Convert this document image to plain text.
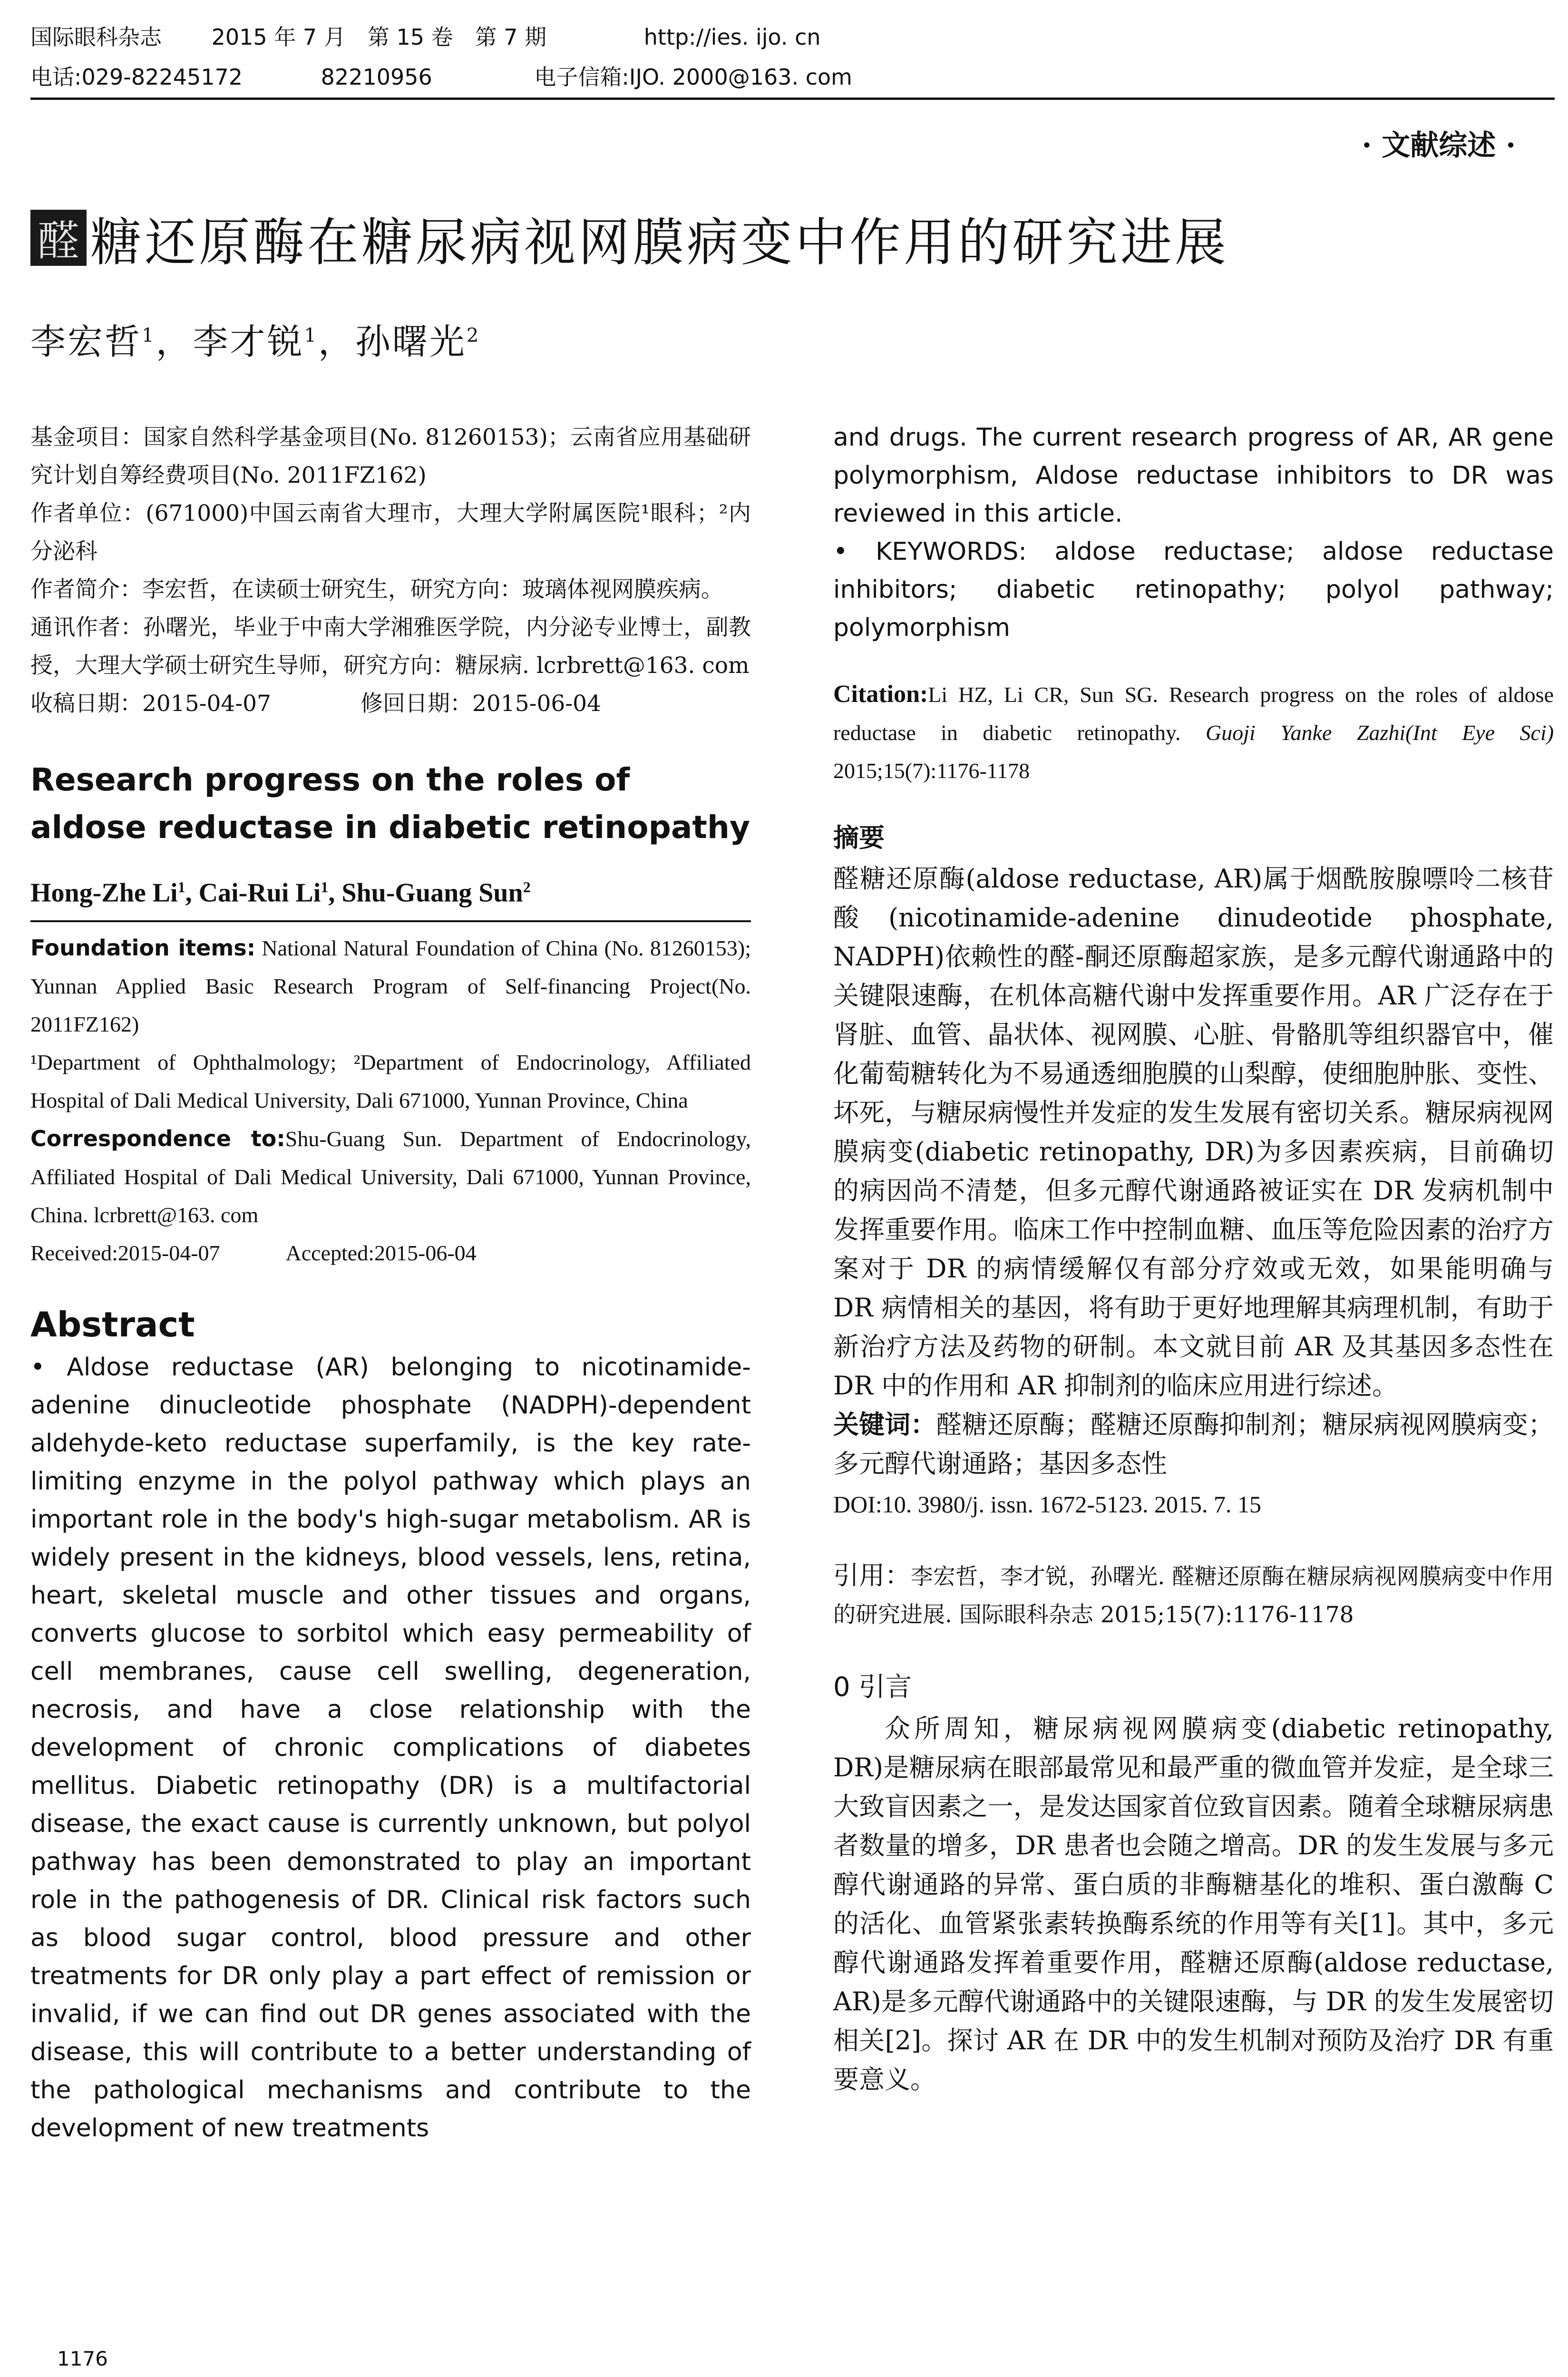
国际眼科杂志 2015 年 7 月　第 15 卷　第 7 期	http://ies. ijo. cn
电话:029-82245172	82210956	电子信箱:IJO. 2000@163. com
· 文献综述 ·
醛 糖还原酶在糖尿病视网膜病变中作用的研究进展
李宏哲$^1$，李才锐$^1$，孙曙光$^2$

基金项目：国家自然科学基金项目(No. 81260153)；云南省应用基础研究计划自筹经费项目(No. 2011FZ162)

作者单位：(671000)中国云南省大理市，大理大学附属医院¹眼科；²内分泌科

作者简介：李宏哲，在读硕士研究生，研究方向：玻璃体视网膜疾病。

通讯作者：孙曙光，毕业于中南大学湘雅医学院，内分泌专业博士，副教授，大理大学硕士研究生导师，研究方向：糖尿病. lcrbrett@163. com

收稿日期：2015-04-07　　　　修回日期：2015-06-04

Research progress on the roles of aldose reductase in diabetic retinopathy
Hong-Zhe Li$^1$, Cai-Rui Li$^1$, Shu-Guang Sun$^2$

Foundation items: National Natural Foundation of China (No. 81260153); Yunnan Applied Basic Research Program of Self-financing Project(No. 2011FZ162)

¹Department of Ophthalmology; ²Department of Endocrinology, Affiliated Hospital of Dali Medical University, Dali 671000, Yunnan Province, China

Correspondence to:Shu-Guang Sun. Department of Endocrinology, Affiliated Hospital of Dali Medical University, Dali 671000, Yunnan Province, China. lcrbrett@163. com

Received:2015-04-07　　　Accepted:2015-06-04

Abstract

• Aldose reductase (AR) belonging to nicotinamide-adenine dinucleotide phosphate (NADPH)-dependent aldehyde-keto reductase superfamily, is the key rate-limiting enzyme in the polyol pathway which plays an important role in the body's high-sugar metabolism. AR is widely present in the kidneys, blood vessels, lens, retina, heart, skeletal muscle and other tissues and organs, converts glucose to sorbitol which easy permeability of cell membranes, cause cell swelling, degeneration, necrosis, and have a close relationship with the development of chronic complications of diabetes mellitus. Diabetic retinopathy (DR) is a multifactorial disease, the exact cause is currently unknown, but polyol pathway has been demonstrated to play an important role in the pathogenesis of DR. Clinical risk factors such as blood sugar control, blood pressure and other treatments for DR only play a part effect of remission or invalid, if we can find out DR genes associated with the disease, this will contribute to a better understanding of the pathological mechanisms and contribute to the development of new treatments

and drugs. The current research progress of AR, AR gene polymorphism, Aldose reductase inhibitors to DR was reviewed in this article.

• KEYWORDS: aldose reductase; aldose reductase inhibitors; diabetic retinopathy; polyol pathway; polymorphism

Citation:Li HZ, Li CR, Sun SG. Research progress on the roles of aldose reductase in diabetic retinopathy. Guoji Yanke Zazhi(Int Eye Sci) 2015;15(7):1176-1178

摘要

醛糖还原酶(aldose reductase, AR)属于烟酰胺腺嘌呤二核苷酸(nicotinamide-adenine dinudeotide phosphate, NADPH)依赖性的醛-酮还原酶超家族，是多元醇代谢通路中的关键限速酶，在机体高糖代谢中发挥重要作用。AR 广泛存在于肾脏、血管、晶状体、视网膜、心脏、骨骼肌等组织器官中，催化葡萄糖转化为不易通透细胞膜的山梨醇，使细胞肿胀、变性、坏死，与糖尿病慢性并发症的发生发展有密切关系。糖尿病视网膜病变(diabetic retinopathy, DR)为多因素疾病，目前确切的病因尚不清楚，但多元醇代谢通路被证实在 DR 发病机制中发挥重要作用。临床工作中控制血糖、血压等危险因素的治疗方案对于 DR 的病情缓解仅有部分疗效或无效，如果能明确与 DR 病情相关的基因，将有助于更好地理解其病理机制，有助于新治疗方法及药物的研制。本文就目前 AR 及其基因多态性在 DR 中的作用和 AR 抑制剂的临床应用进行综述。

关键词：醛糖还原酶；醛糖还原酶抑制剂；糖尿病视网膜病变；多元醇代谢通路；基因多态性

DOI:10. 3980/j. issn. 1672-5123. 2015. 7. 15

引用：李宏哲，李才锐，孙曙光. 醛糖还原酶在糖尿病视网膜病变中作用的研究进展. 国际眼科杂志 2015;15(7):1176-1178

0 引言

众所周知，糖尿病视网膜病变(diabetic retinopathy, DR)是糖尿病在眼部最常见和最严重的微血管并发症，是全球三大致盲因素之一，是发达国家首位致盲因素。随着全球糖尿病患者数量的增多，DR 患者也会随之增高。DR 的发生发展与多元醇代谢通路的异常、蛋白质的非酶糖基化的堆积、蛋白激酶 C 的活化、血管紧张素转换酶系统的作用等有关[1]。其中，多元醇代谢通路发挥着重要作用，醛糖还原酶(aldose reductase, AR)是多元醇代谢通路中的关键限速酶，与 DR 的发生发展密切相关[2]。探讨 AR 在 DR 中的发生机制对预防及治疗 DR 有重要意义。

1176
